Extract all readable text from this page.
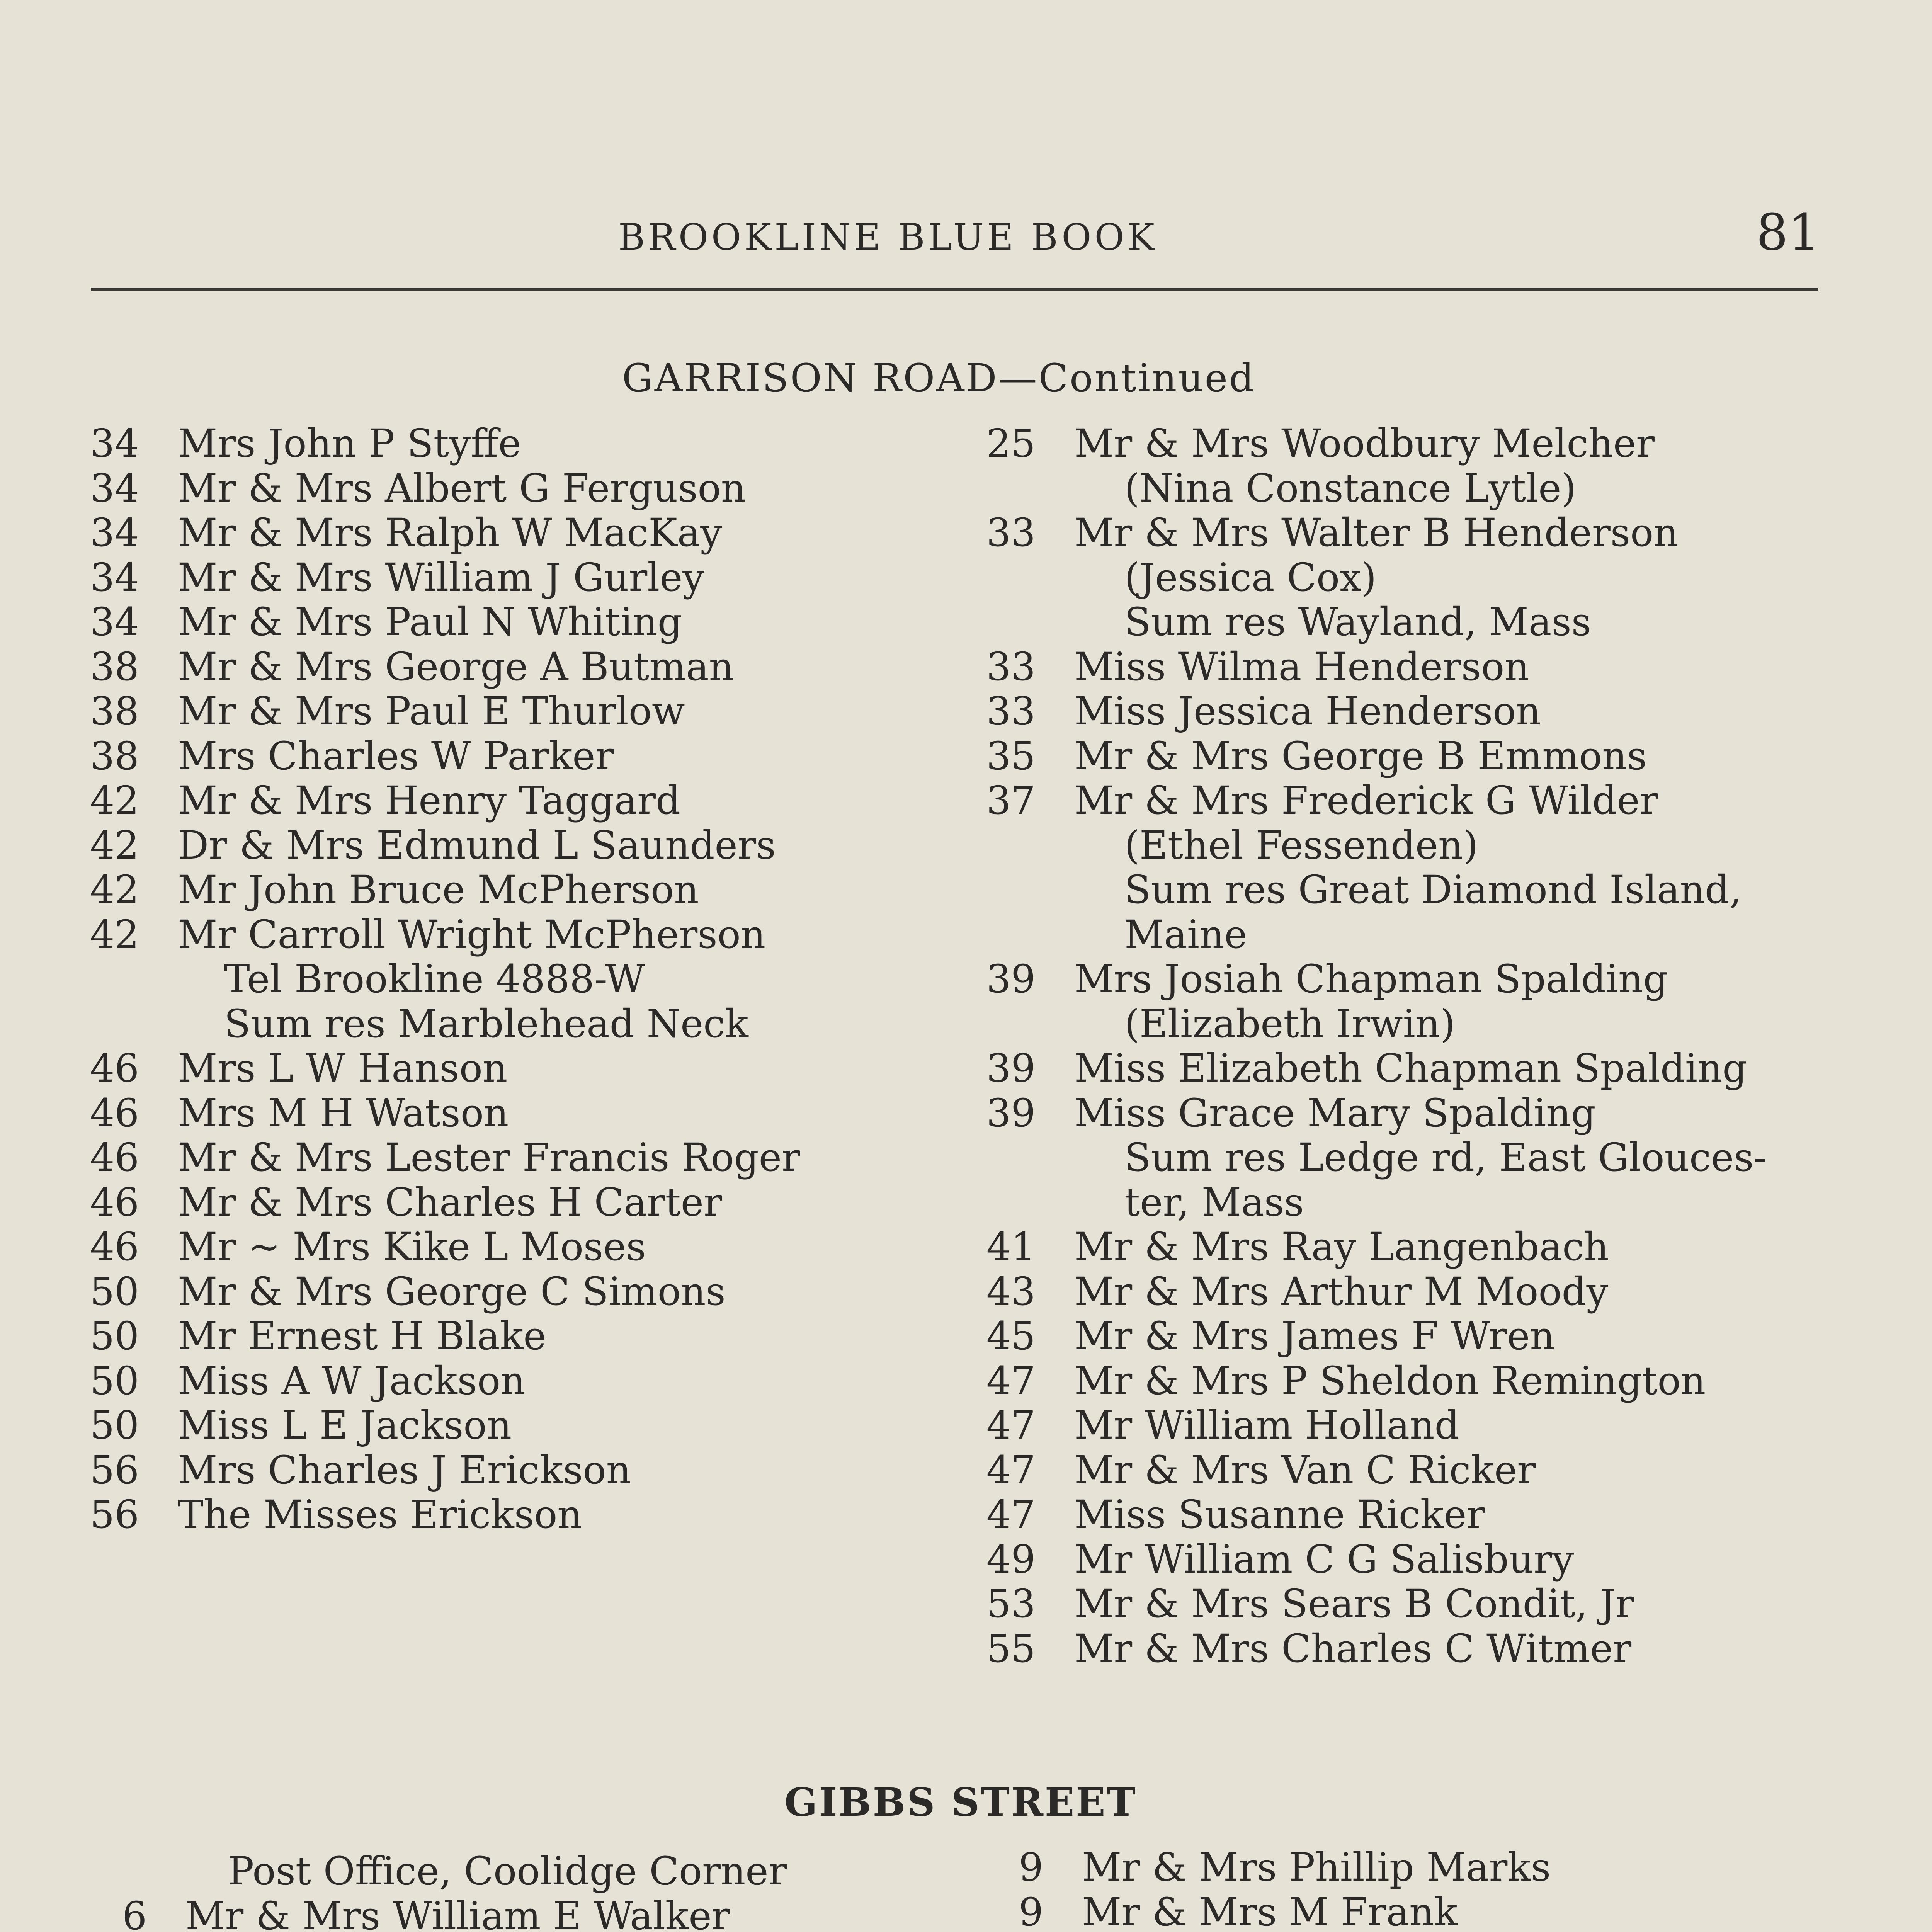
BROOKLINE BLUE BOOK	81
GARRISON ROAD—Continued
34	Mrs John P Styffe
34	Mr & Mrs Albert G Ferguson
34	Mr & Mrs Ralph W MacKay
34	Mr & Mrs William J Gurley
34	Mr & Mrs Paul N Whiting
38	Mr & Mrs George A Butman
38	Mr & Mrs Paul E Thurlow
38	Mrs Charles W Parker
42	Mr & Mrs Henry Taggard
42	Dr & Mrs Edmund L Saunders
42	Mr John Bruce McPherson
42	Mr Carroll Wright McPherson
Tel Brookline 4888-W
Sum res Marblehead Neck
46	Mrs L W Hanson
46	Mrs M H Watson
46	Mr & Mrs Lester Francis Roger
46	Mr & Mrs Charles H Carter
46	Mr ~ Mrs Kike L Moses
50	Mr & Mrs George C Simons
50	Mr Ernest H Blake
50	Miss A W Jackson
50	Miss L E Jackson
56	Mrs Charles J Erickson
56	The Misses Erickson
25	Mr & Mrs Woodbury Melcher
(Nina Constance Lytle)
33	Mr & Mrs Walter B Henderson
(Jessica Cox)
Sum res Wayland, Mass
33	Miss Wilma Henderson
33	Miss Jessica Henderson
35	Mr & Mrs George B Emmons
37	Mr & Mrs Frederick G Wilder
(Ethel Fessenden)
Sum res Great Diamond Island,
Maine
39	Mrs Josiah Chapman Spalding
(Elizabeth Irwin)
39	Miss Elizabeth Chapman Spalding
39	Miss Grace Mary Spalding
Sum res Ledge rd, East Glouces-
ter, Mass
41	Mr & Mrs Ray Langenbach
43	Mr & Mrs Arthur M Moody
45	Mr & Mrs James F Wren
47	Mr & Mrs P Sheldon Remington
47	Mr William Holland
47	Mr & Mrs Van C Ricker
47	Miss Susanne Ricker
49	Mr William C G Salisbury
53	Mr & Mrs Sears B Condit, Jr
55	Mr & Mrs Charles C Witmer
GIBBS STREET
Post Office, Coolidge Corner
6	Mr & Mrs William E Walker
9	Mr & Mrs Phillip Marks
9	Mr & Mrs M Frank
